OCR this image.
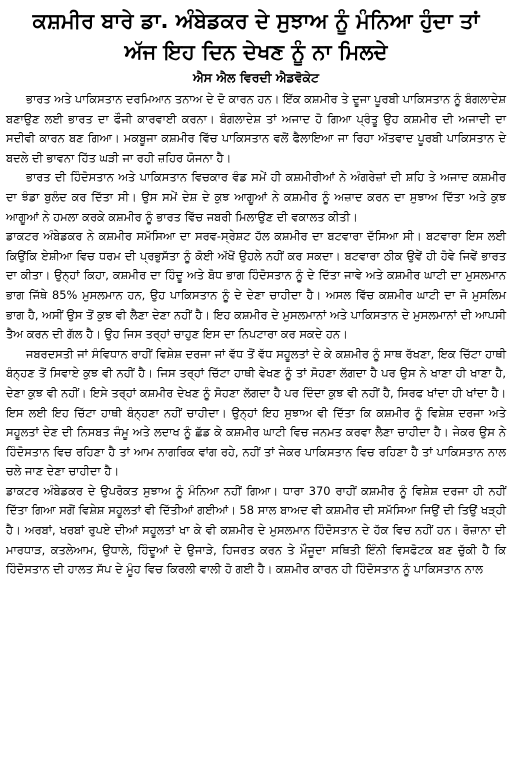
ਕਸ਼ਮੀਰ ਬਾਰੇ ਡਾ. ਅੰਬੇਡਕਰ ਦੇ ਸੁਝਾਅ ਨੂੰ ਮੰਨਿਆ ਹੁੰਦਾ ਤਾਂ
ਅੱਜ ਇਹ ਦਿਨ ਦੇਖਣ ਨੂੰ ਨਾ ਮਿਲਦੇ
ਐਸ ਐਲ ਵਿਰਦੀ ਐਡਵੋਕੇਟ

ਭਾਰਤ ਅਤੇ ਪਾਕਿਸਤਾਨ ਦਰਮਿਆਨ ਤਨਾਅ ਦੇ ਦੋ ਕਾਰਨ ਹਨ। ਇੱਕ ਕਸ਼ਮੀਰ ਤੇ ਦੂਜਾ ਪੂਰਬੀ ਪਾਕਿਸਤਾਨ ਨੂੰ ਬੰਗਲਾਦੇਸ਼ ਬਣਾਉਣ ਲਈ ਭਾਰਤ ਦਾ ਫੌਜੀ ਕਾਰਵਾਈ ਕਰਨਾ। ਬੰਗਲਾਦੇਸ਼ ਤਾਂ ਅਜਾਦ ਹੋ ਗਿਆ ਪ੍ਰੰਤੂ ਉਹ ਕਸ਼ਮੀਰ ਦੀ ਅਜਾਦੀ ਦਾ ਸਦੀਵੀ ਕਾਰਨ ਬਣ ਗਿਆ। ਮਕਬੂਜਾ ਕਸ਼ਮੀਰ ਵਿੱਚ ਪਾਕਿਸਤਾਨ ਵਲੋਂ ਫੈਲਾਇਆ ਜਾ ਰਿਹਾ ਅੱਤਵਾਦ ਪੂਰਬੀ ਪਾਕਿਸਤਾਨ ਦੇ ਬਦਲੇ ਦੀ ਭਾਵਨਾ ਹਿੱਤ ਘੜੀ ਜਾ ਰਹੀ ਜ਼ਹਿਰ ਯੋਜਨਾ ਹੈ।

ਭਾਰਤ ਦੀ ਹਿੰਦੋਸਤਾਨ ਅਤੇ ਪਾਕਿਸਤਾਨ ਵਿਚਕਾਰ ਵੰਡ ਸਮੇਂ ਹੀ ਕਸ਼ਮੀਰੀਆਂ ਨੇ ਅੰਗਰੇਜ਼ਾਂ ਦੀ ਸ਼ਹਿ ਤੇ ਅਜਾਦ ਕਸ਼ਮੀਰ ਦਾ ਝੰਡਾ ਬੁਲੰਦ ਕਰ ਦਿੱਤਾ ਸੀ। ਉਸ ਸਮੇਂ ਦੇਸ਼ ਦੇ ਕੁਝ ਆਗੂਆਂ ਨੇ ਕਸ਼ਮੀਰ ਨੂੰ ਅਜ਼ਾਦ ਕਰਨ ਦਾ ਸੁਝਾਅ ਦਿੱਤਾ ਅਤੇ ਕੁਝ ਆਗੂਆਂ ਨੇ ਹਮਲਾ ਕਰਕੇ ਕਸ਼ਮੀਰ ਨੂੰ ਭਾਰਤ ਵਿੱਚ ਜਬਰੀ ਮਿਲਾਉਣ ਦੀ ਵਕਾਲਤ ਕੀਤੀ।

ਡਾਕਟਰ ਅੰਬੇਡਕਰ ਨੇ ਕਸ਼ਮੀਰ ਸਮੱਸਿਆ ਦਾ ਸਰਵ-ਸ੍ਰੇਸ਼ਟ ਹੱਲ ਕਸ਼ਮੀਰ ਦਾ ਬਟਵਾਰਾ ਦੱਸਿਆ ਸੀ। ਬਟਵਾਰਾ ਇਸ ਲਈ ਕਿਉਂਕਿ ਏਸ਼ੀਆ ਵਿਚ ਧਰਮ ਦੀ ਪ੍ਰਭੁਸੱਤਾ ਨੂੰ ਕੋਈ ਅੱਖੋਂ ਉਹਲੇ ਨਹੀਂ ਕਰ ਸਕਦਾ। ਬਟਵਾਰਾ ਠੀਕ ਉਵੇਂ ਹੀ ਹੋਵੇ ਜਿਵੇਂ ਭਾਰਤ ਦਾ ਕੀਤਾ। ਉਨ੍ਹਾਂ ਕਿਹਾ, ਕਸ਼ਮੀਰ ਦਾ ਹਿੰਦੂ ਅਤੇ ਬੋਧ ਭਾਗ ਹਿੰਦੋਸਤਾਨ ਨੂੰ ਦੇ ਦਿੱਤਾ ਜਾਵੇ ਅਤੇ ਕਸ਼ਮੀਰ ਘਾਟੀ ਦਾ ਮੁਸਲਮਾਨ ਭਾਗ ਜਿੱਥੇ 85% ਮੁਸਲਮਾਨ ਹਨ, ਉਹ ਪਾਕਿਸਤਾਨ ਨੂੰ ਦੇ ਦੇਣਾ ਚਾਹੀਦਾ ਹੈ। ਅਸਲ ਵਿੱਚ ਕਸ਼ਮੀਰ ਘਾਟੀ ਦਾ ਜੋ ਮੁਸਲਿਮ ਭਾਗ ਹੈ, ਅਸੀਂ ਉਸ ਤੋਂ ਕੁਝ ਵੀ ਲੈਣਾ ਦੇਣਾ ਨਹੀਂ ਹੈ। ਇਹ ਕਸ਼ਮੀਰ ਦੇ ਮੁਸਲਮਾਨਾਂ ਅਤੇ ਪਾਕਿਸਤਾਨ ਦੇ ਮੁਸਲਮਾਨਾਂ ਦੀ ਆਪਸੀ ਤੈਅ ਕਰਨ ਦੀ ਗੱਲ ਹੈ। ਉਹ ਜਿਸ ਤਰ੍ਹਾਂ ਚਾਹੁਣ ਇਸ ਦਾ ਨਿਪਟਾਰਾ ਕਰ ਸਕਦੇ ਹਨ।

ਜਬਰਦਸਤੀ ਜਾਂ ਸੰਵਿਧਾਨ ਰਾਹੀਂ ਵਿਸ਼ੇਸ਼ ਦਰਜਾ ਜਾਂ ਵੱਧ ਤੋਂ ਵੱਧ ਸਹੂਲਤਾਂ ਦੇ ਕੇ ਕਸ਼ਮੀਰ ਨੂੰ ਸਾਥ ਰੱਖਣਾ, ਇਕ ਚਿੱਟਾ ਹਾਥੀ ਬੰਨ੍ਹਣ ਤੋਂ ਸਿਵਾਏ ਕੁਝ ਵੀ ਨਹੀਂ ਹੈ। ਜਿਸ ਤਰ੍ਹਾਂ ਚਿੱਟਾ ਹਾਥੀ ਵੇਖਣ ਨੂੰ ਤਾਂ ਸੋਹਣਾ ਲੱਗਦਾ ਹੈ ਪਰ ਉਸ ਨੇ ਖਾਣਾ ਹੀ ਖਾਣਾ ਹੈ, ਦੇਣਾ ਕੁਝ ਵੀ ਨਹੀਂ। ਇਸੇ ਤਰ੍ਹਾਂ ਕਸ਼ਮੀਰ ਦੇਖਣ ਨੂੰ ਸੋਹਣਾ ਲੱਗਦਾ ਹੈ ਪਰ ਦਿੰਦਾ ਕੁਝ ਵੀ ਨਹੀਂ ਹੈ, ਸਿਰਫ ਖਾਂਦਾ ਹੀ ਖਾਂਦਾ ਹੈ। ਇਸ ਲਈ ਇਹ ਚਿੱਟਾ ਹਾਥੀ ਬੰਨ੍ਹਣਾ ਨਹੀਂ ਚਾਹੀਦਾ। ਉਨ੍ਹਾਂ ਇਹ ਸੁਝਾਅ ਵੀ ਦਿੱਤਾ ਕਿ ਕਸ਼ਮੀਰ ਨੂੰ ਵਿਸ਼ੇਸ਼ ਦਰਜਾ ਅਤੇ ਸਹੂਲਤਾਂ ਦੇਣ ਦੀ ਨਿਸਬਤ ਜੰਮੂ ਅਤੇ ਲਦਾਖ ਨੂੰ ਛੱਡ ਕੇ ਕਸ਼ਮੀਰ ਘਾਟੀ ਵਿਚ ਜਨਮਤ ਕਰਵਾ ਲੈਣਾ ਚਾਹੀਦਾ ਹੈ। ਜੇਕਰ ਉਸ ਨੇ ਹਿੰਦੋਸਤਾਨ ਵਿਚ ਰਹਿਣਾ ਹੈ ਤਾਂ ਆਮ ਨਾਗਰਿਕ ਵਾਂਗ ਰਹੇ, ਨਹੀਂ ਤਾਂ ਜੇਕਰ ਪਾਕਿਸਤਾਨ ਵਿਚ ਰਹਿਣਾ ਹੈ ਤਾਂ ਪਾਕਿਸਤਾਨ ਨਾਲ ਚਲੇ ਜਾਣ ਦੇਣਾ ਚਾਹੀਦਾ ਹੈ।

ਡਾਕਟਰ ਅੰਬੇਡਕਰ ਦੇ ਉਪਰੋਕਤ ਸੁਝਾਅ ਨੂੰ ਮੰਨਿਆ ਨਹੀਂ ਗਿਆ। ਧਾਰਾ 370 ਰਾਹੀਂ ਕਸ਼ਮੀਰ ਨੂੰ ਵਿਸ਼ੇਸ਼ ਦਰਜਾ ਹੀ ਨਹੀਂ ਦਿੱਤਾ ਗਿਆ ਸਗੋਂ ਵਿਸ਼ੇਸ਼ ਸਹੂਲਤਾਂ ਵੀ ਦਿੱਤੀਆਂ ਗਈਆਂ। 58 ਸਾਲ ਬਾਅਦ ਵੀ ਕਸ਼ਮੀਰ ਦੀ ਸਮੱਸਿਆ ਜਿਉਂ ਦੀ ਤਿਉਂ ਖੜ੍ਹੀ ਹੈ। ਅਰਬਾਂ, ਖਰਬਾਂ ਰੁਪਏ ਦੀਆਂ ਸਹੂਲਤਾਂ ਖਾ ਕੇ ਵੀ ਕਸ਼ਮੀਰ ਦੇ ਮੁਸਲਮਾਨ ਹਿੰਦੋਸਤਾਨ ਦੇ ਹੱਕ ਵਿਚ ਨਹੀਂ ਹਨ। ਰੋਜ਼ਾਨਾ ਦੀ ਮਾਰਧਾੜ, ਕਤਲੇਆਮ, ਉਧਾਲੇ, ਹਿੰਦੂਆਂ ਦੇ ਉਜਾੜੇ, ਹਿਜਰਤ ਕਰਨ ਤੇ ਮੌਜੂਦਾ ਸਥਿਤੀ ਇੰਨੀ ਵਿਸਫੋਟਕ ਬਣ ਚੁੱਕੀ ਹੈ ਕਿ ਹਿੰਦੋਸਤਾਨ ਦੀ ਹਾਲਤ ਸੱਪ ਦੇ ਮੂੰਹ ਵਿਚ ਕਿਰਲੀ ਵਾਲੀ ਹੋ ਗਈ ਹੈ। ਕਸ਼ਮੀਰ ਕਾਰਨ ਹੀ ਹਿੰਦੋਸਤਾਨ ਨੂੰ ਪਾਕਿਸਤਾਨ ਨਾਲ
